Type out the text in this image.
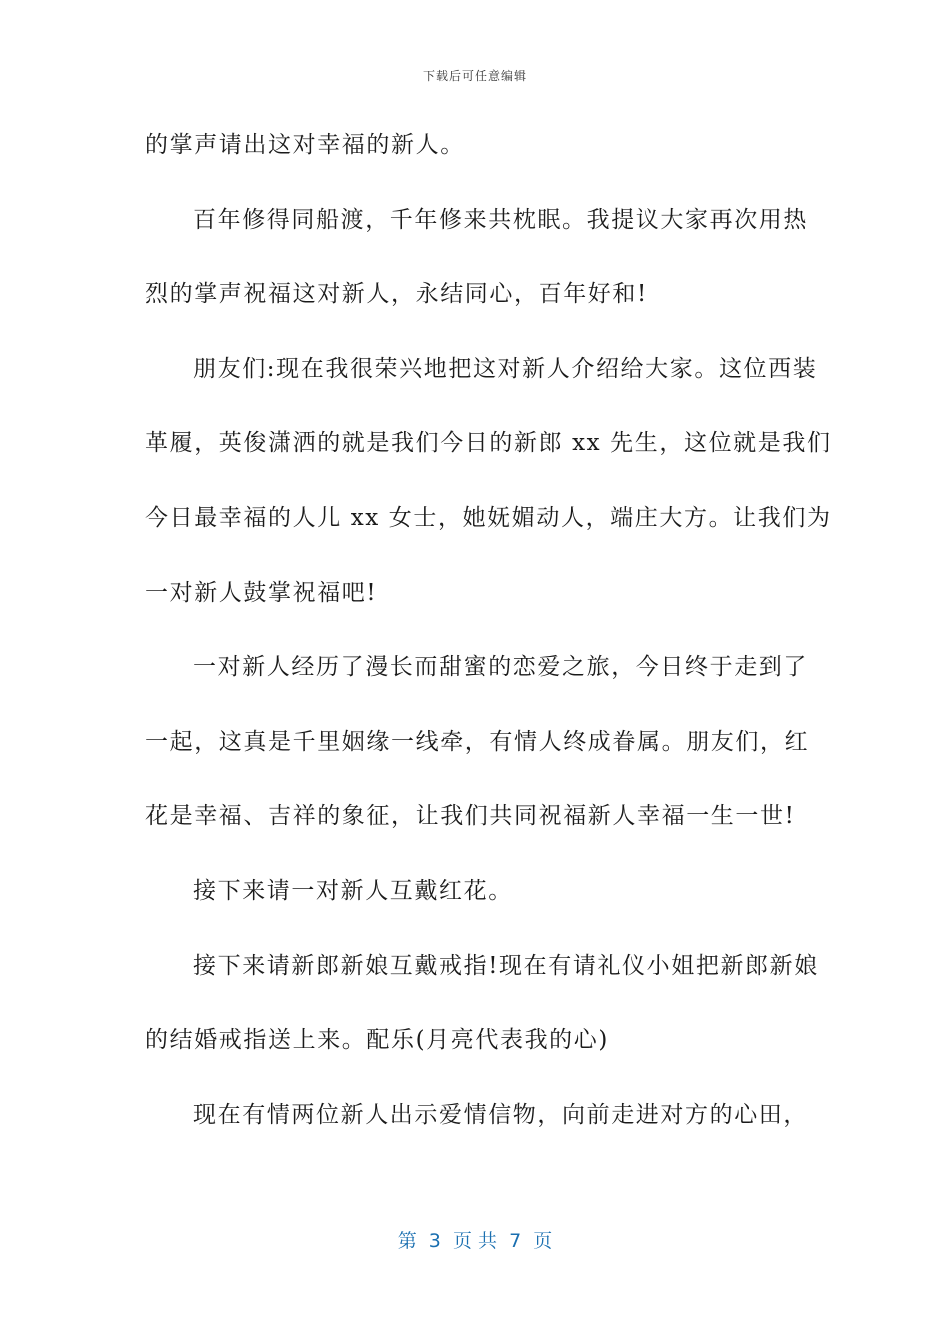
下载后可任意编辑
的掌声请出这对幸福的新人。
百年修得同船渡，千年修来共枕眠。我提议大家再次用热
烈的掌声祝福这对新人，永结同心，百年好和!
朋友们:现在我很荣兴地把这对新人介绍给大家。这位西装
革履，英俊潇洒的就是我们今日的新郎 xx 先生，这位就是我们
今日最幸福的人儿 xx 女士，她妩媚动人，端庄大方。让我们为
一对新人鼓掌祝福吧!
一对新人经历了漫长而甜蜜的恋爱之旅，今日终于走到了
一起，这真是千里姻缘一线牵，有情人终成眷属。朋友们，红
花是幸福、吉祥的象征，让我们共同祝福新人幸福一生一世!
接下来请一对新人互戴红花。
接下来请新郎新娘互戴戒指!现在有请礼仪小姐把新郎新娘
的结婚戒指送上来。配乐(月亮代表我的心)
现在有情两位新人出示爱情信物，向前走进对方的心田，
第  3  页 共  7  页
